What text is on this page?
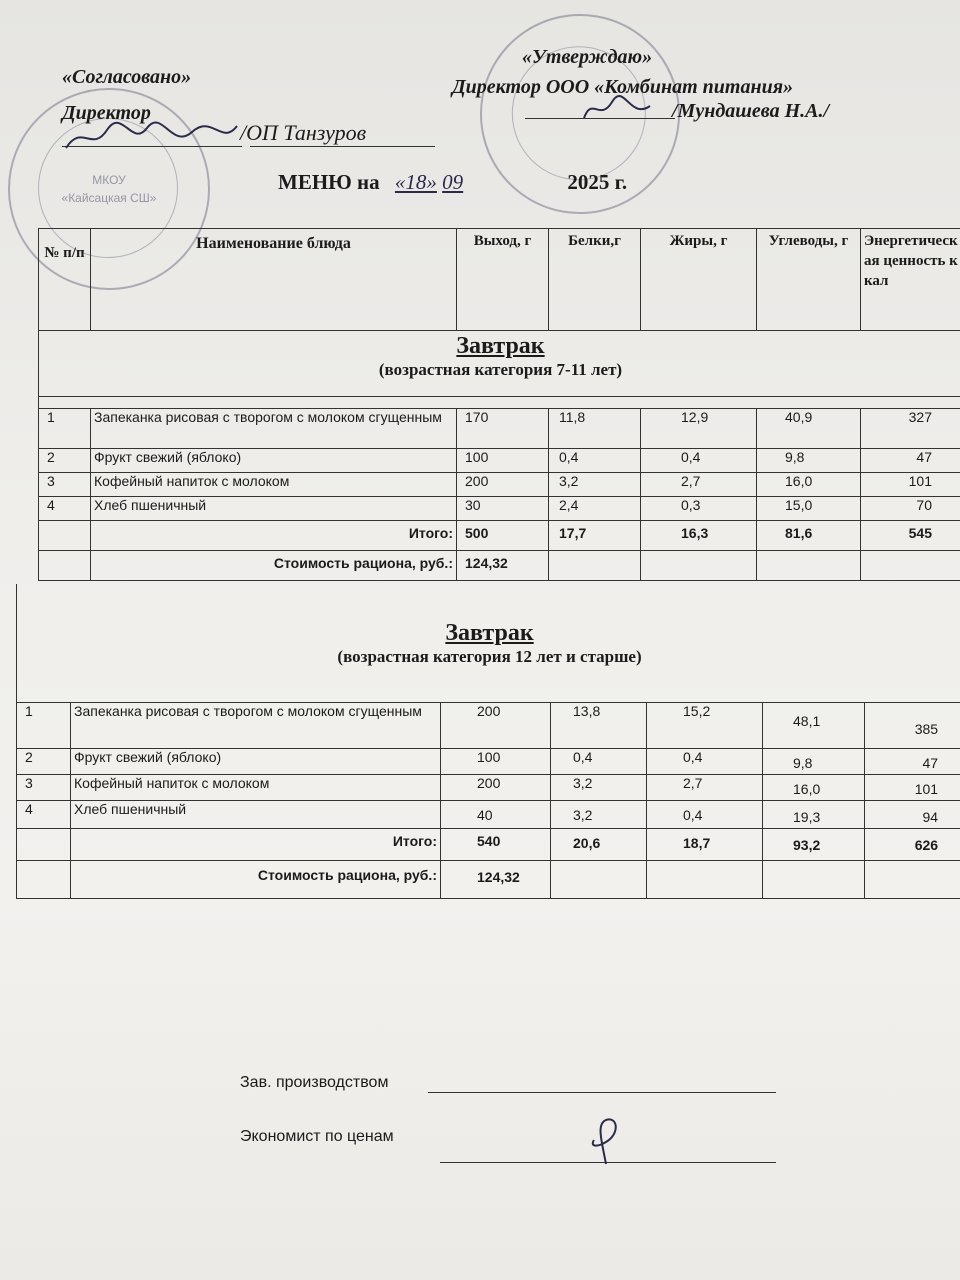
МКОУ
«Кайсацкая СШ»
«Согласовано»
Директор
«Утверждаю»
Директор ООО «Комбинат питания»
/ОП Танзуров
/Мундашева Н.А./
МЕНЮ на «18» 09	2025 г.
№ п/п	Наименование блюда	Выход, г	Белки,г	Жиры, г	Углеводы, г	Энергетическая ценность ккал

Завтрак
(возрастная категория 7-11 лет)						

1	Запеканка рисовая с творогом с молоком сгущенным	170	11,8	12,9	40,9	327
2	Фрукт свежий (яблоко)	100	0,4	0,4	9,8	47
3	Кофейный напиток с молоком	200	3,2	2,7	16,0	101
4	Хлеб пшеничный	30	2,4	0,3	15,0	70
	Итого:	500	17,7	16,3	81,6	545
	Стоимость рациона, руб.:	124,32				
Завтрак
(возрастная категория 12 лет и старше)						

1	Запеканка рисовая с творогом с молоком сгущенным	200	13,8	15,2	48,1	385
2	Фрукт свежий (яблоко)	100	0,4	0,4	9,8	47
3	Кофейный напиток с молоком	200	3,2	2,7	16,0	101
4	Хлеб пшеничный	40	3,2	0,4	19,3	94
	Итого:	540	20,6	18,7	93,2	626
	Стоимость рациона, руб.:	124,32				
Зав. производством
Экономист по ценам
